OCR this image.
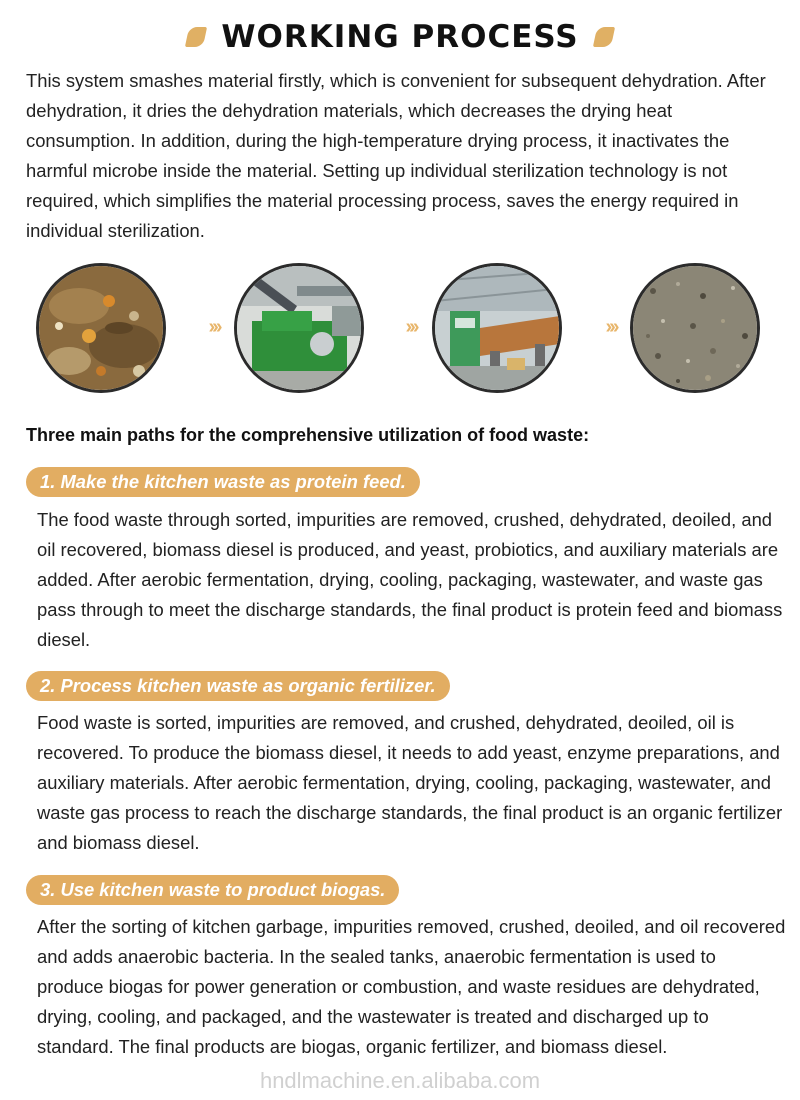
WORKING PROCESS
This system smashes material firstly, which is convenient for subsequent dehydration. After dehydration, it dries the dehydration materials, which decreases the drying heat consumption. In addition, during the high-temperature drying process, it inactivates the harmful microbe inside the material. Setting up individual sterilization technology is not required, which simplifies the material processing process, saves the energy required in individual sterilization.
›››	›››	›››
Three main paths for the comprehensive utilization of food waste:
1. Make the kitchen waste as protein feed.
The food waste through sorted, impurities are removed, crushed, dehydrated, deoiled, and oil recovered, biomass diesel is produced, and yeast, probiotics, and auxiliary materials are added. After aerobic fermentation, drying, cooling, packaging, wastewater, and waste gas pass through to meet the discharge standards, the final product is protein feed and biomass diesel.
2. Process kitchen waste as organic fertilizer.
Food waste is sorted, impurities are removed, and crushed, dehydrated, deoiled, oil is recovered. To produce the biomass diesel, it needs to add yeast, enzyme preparations, and auxiliary materials. After aerobic fermentation, drying, cooling, packaging, wastewater, and waste gas process to reach the discharge standards, the final product is an organic fertilizer and biomass diesel.
3. Use kitchen waste to product biogas.
After the sorting of kitchen garbage, impurities removed, crushed, deoiled, and oil recovered and adds anaerobic bacteria. In the sealed tanks, anaerobic fermentation is used to produce biogas for power generation or combustion, and waste residues are dehydrated, drying, cooling, and packaged, and the wastewater is treated and discharged up to standard. The final products are biogas, organic fertilizer, and biomass diesel.
hndlmachine.en.alibaba.com
